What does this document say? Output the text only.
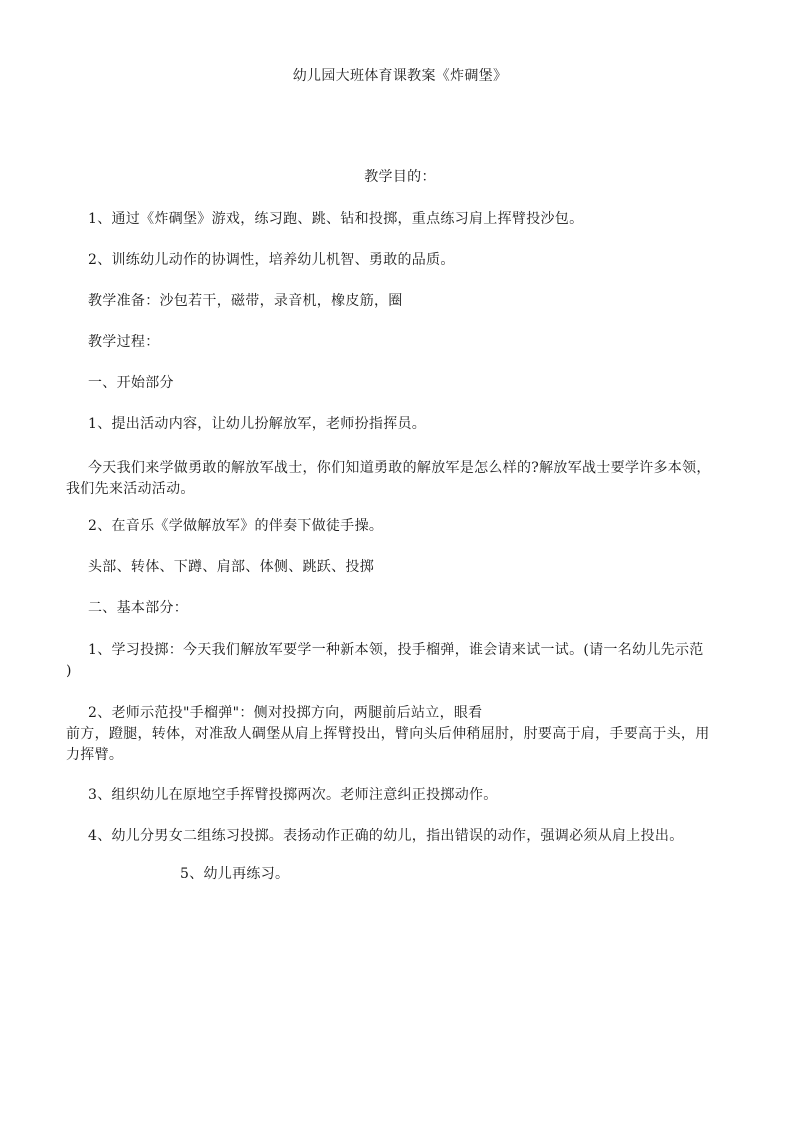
幼儿园大班体育课教案《炸碉堡》
教学目的：
1、通过《炸碉堡》游戏，练习跑、跳、钻和投掷，重点练习肩上挥臂投沙包。
2、训练幼儿动作的协调性，培养幼儿机智、勇敢的品质。
教学准备：沙包若干，磁带，录音机，橡皮筋，圈
教学过程：
一、开始部分
1、提出活动内容，让幼儿扮解放军，老师扮指挥员。
今天我们来学做勇敢的解放军战士，你们知道勇敢的解放军是怎么样的?解放军战士要学许多本领，
我们先来活动活动。
2、在音乐《学做解放军》的伴奏下做徒手操。
头部、转体、下蹲、肩部、体侧、跳跃、投掷
二、基本部分：
1、学习投掷：今天我们解放军要学一种新本领，投手榴弹，谁会请来试一试。(请一名幼儿先示范
)
2、老师示范投"手榴弹"：侧对投掷方向，两腿前后站立，眼看
前方，蹬腿，转体，对准敌人碉堡从肩上挥臂投出，臂向头后伸稍屈肘，肘要高于肩，手要高于头，用
力挥臂。
3、组织幼儿在原地空手挥臂投掷两次。老师注意纠正投掷动作。
4、幼儿分男女二组练习投掷。表扬动作正确的幼儿，指出错误的动作，强调必须从肩上投出。
5、幼儿再练习。
